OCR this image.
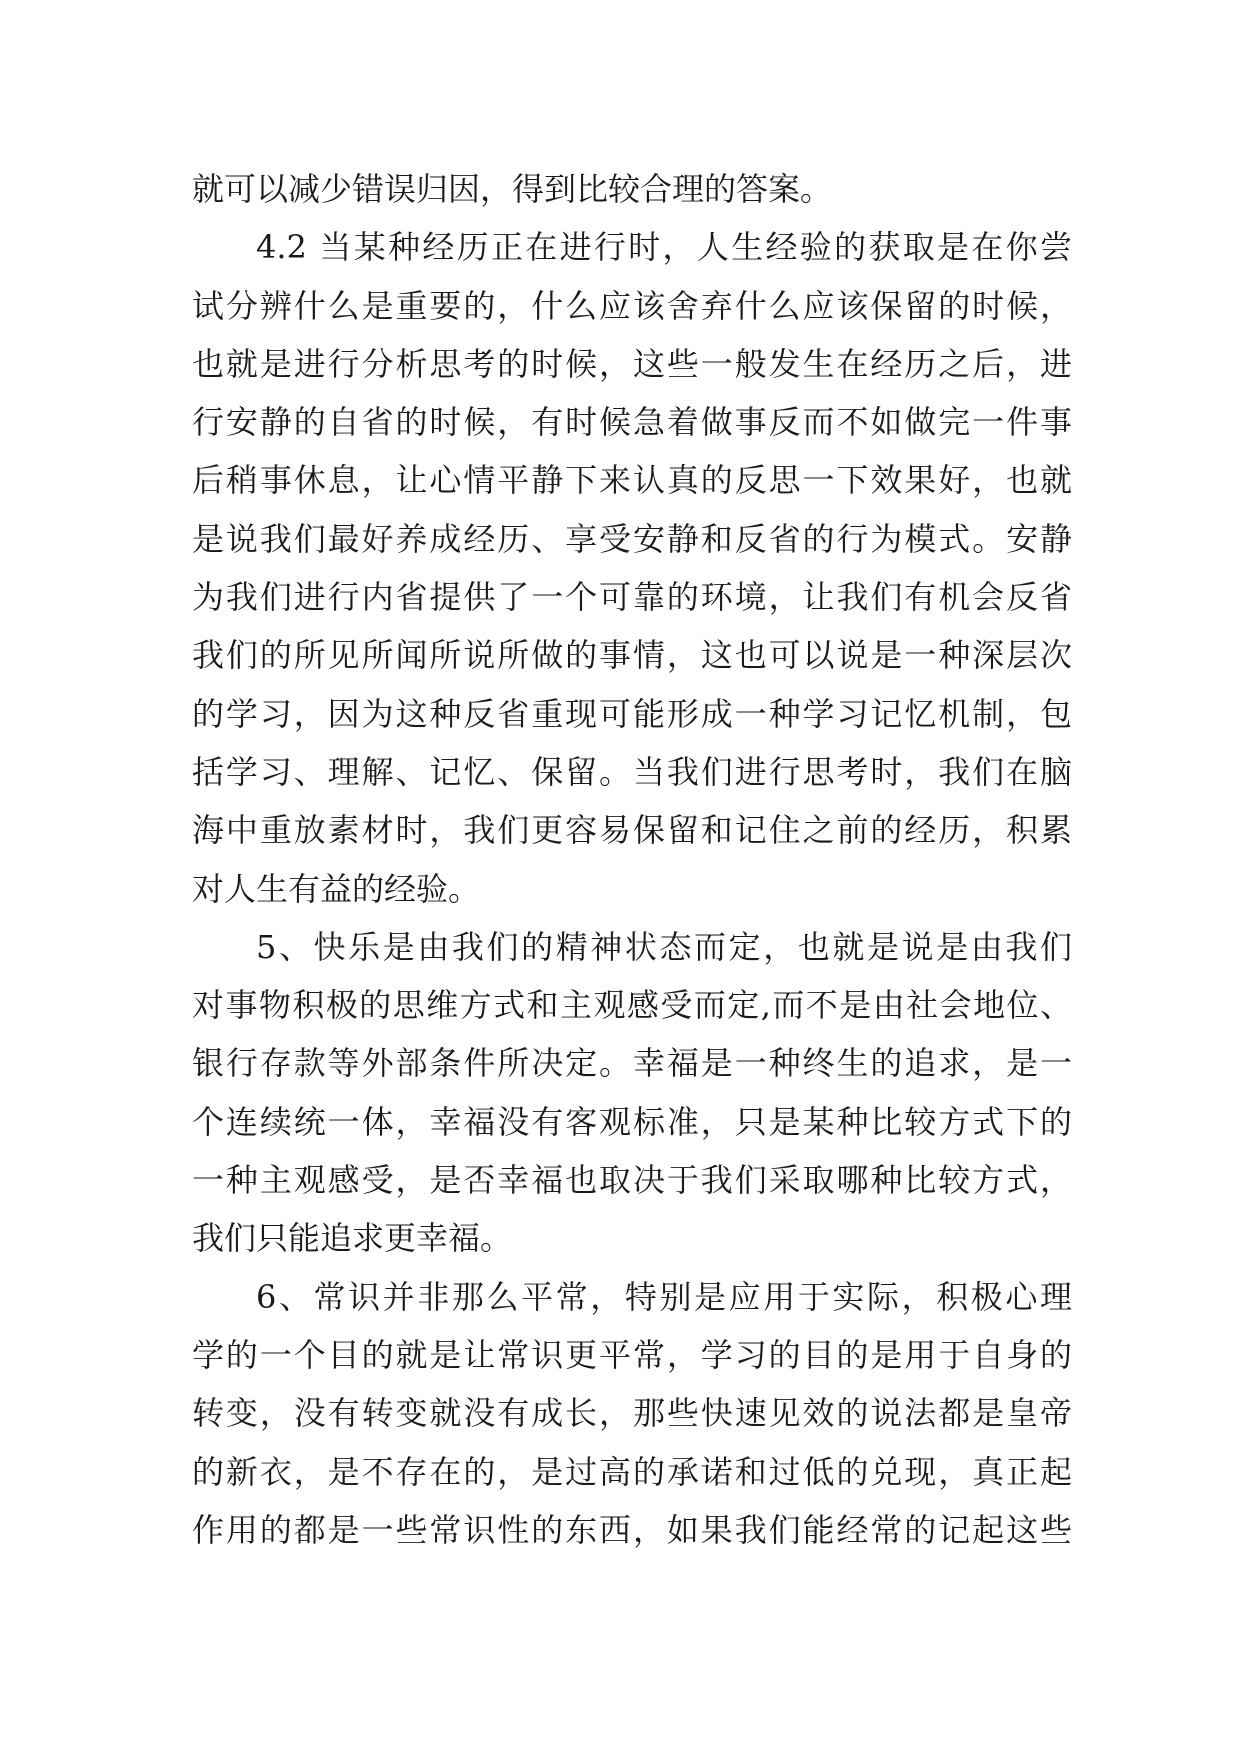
就可以减少错误归因，得到比较合理的答案。
4.2 当某种经历正在进行时，人生经验的获取是在你尝
试分辨什么是重要的，什么应该舍弃什么应该保留的时候，
也就是进行分析思考的时候，这些一般发生在经历之后，进
行安静的自省的时候，有时候急着做事反而不如做完一件事
后稍事休息，让心情平静下来认真的反思一下效果好，也就
是说我们最好养成经历、享受安静和反省的行为模式。安静
为我们进行内省提供了一个可靠的环境，让我们有机会反省
我们的所见所闻所说所做的事情，这也可以说是一种深层次
的学习，因为这种反省重现可能形成一种学习记忆机制，包
括学习、理解、记忆、保留。当我们进行思考时，我们在脑
海中重放素材时，我们更容易保留和记住之前的经历，积累
对人生有益的经验。
5、快乐是由我们的精神状态而定，也就是说是由我们
对事物积极的思维方式和主观感受而定,而不是由社会地位、
银行存款等外部条件所决定。幸福是一种终生的追求，是一
个连续统一体，幸福没有客观标准，只是某种比较方式下的
一种主观感受，是否幸福也取决于我们采取哪种比较方式，
我们只能追求更幸福。
6、常识并非那么平常，特别是应用于实际，积极心理
学的一个目的就是让常识更平常，学习的目的是用于自身的
转变，没有转变就没有成长，那些快速见效的说法都是皇帝
的新衣，是不存在的，是过高的承诺和过低的兑现，真正起
作用的都是一些常识性的东西，如果我们能经常的记起这些
